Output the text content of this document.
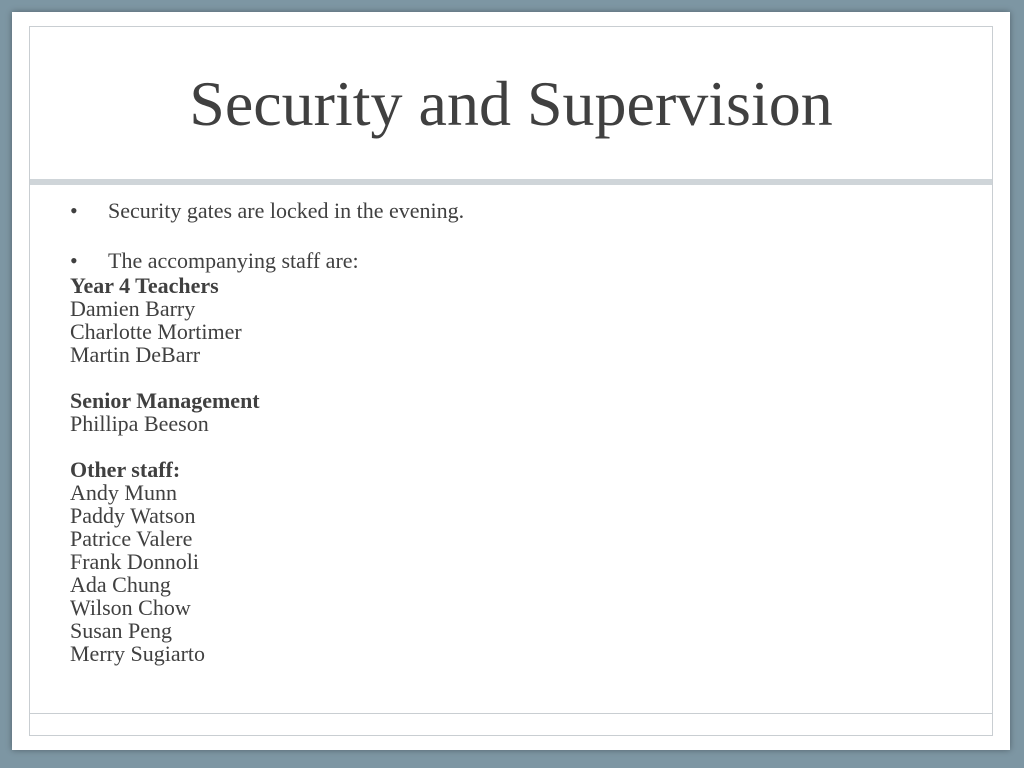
Security and Supervision
•	Security gates are locked in the evening.
•	The accompanying staff are:
Year 4 Teachers
Damien Barry
Charlotte Mortimer
Martin DeBarr
Senior Management
Phillipa Beeson
Other staff:
Andy Munn
Paddy Watson
Patrice Valere
Frank Donnoli
Ada Chung
Wilson Chow
Susan Peng
Merry Sugiarto
